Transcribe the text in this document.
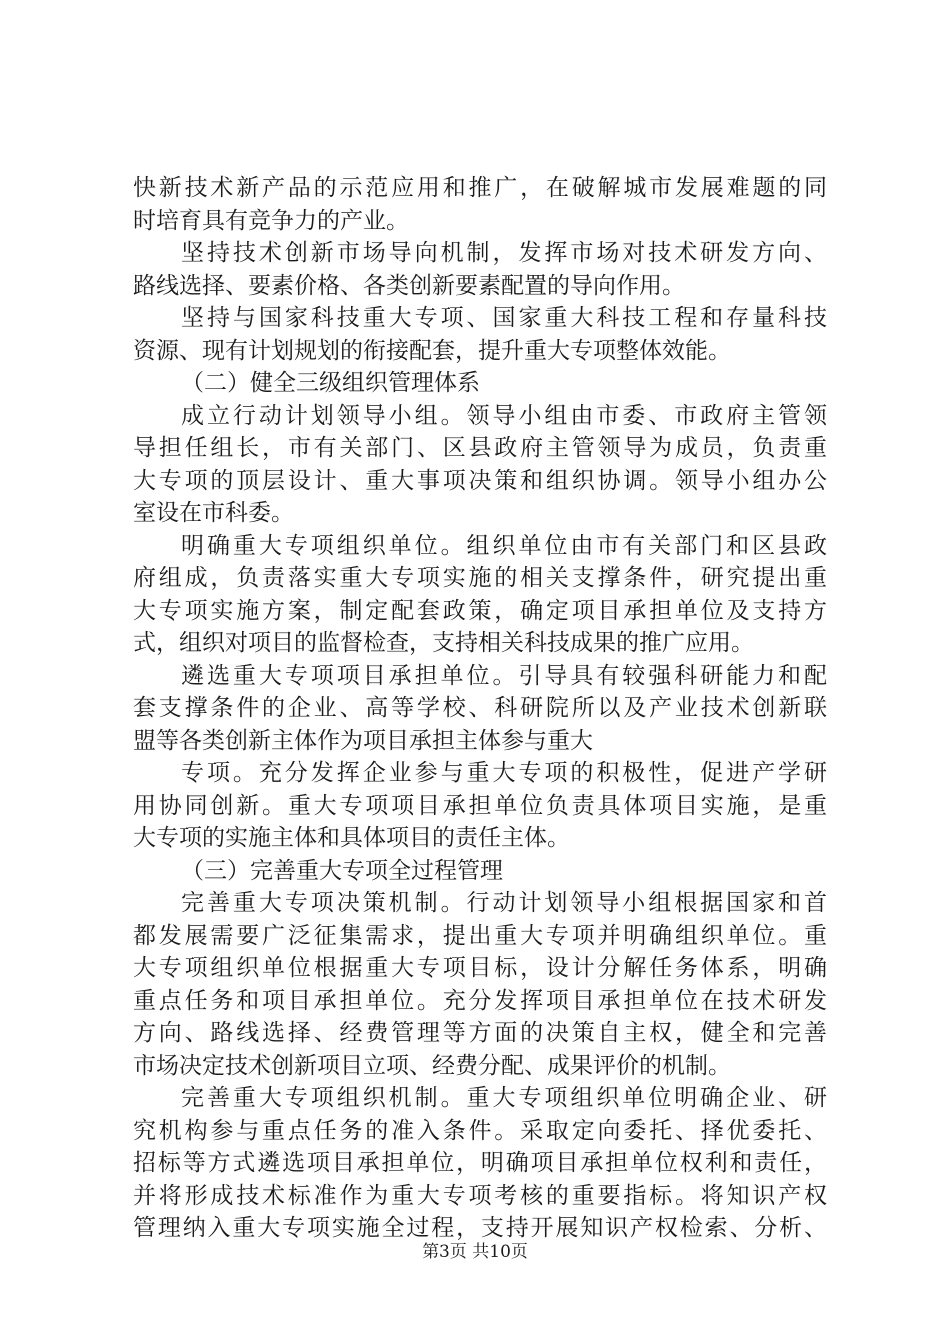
快新技术新产品的示范应用和推广，在破解城市发展难题的同
时培育具有竞争力的产业。
坚持技术创新市场导向机制，发挥市场对技术研发方向、
路线选择、要素价格、各类创新要素配置的导向作用。
坚持与国家科技重大专项、国家重大科技工程和存量科技
资源、现有计划规划的衔接配套，提升重大专项整体效能。
（二）健全三级组织管理体系
成立行动计划领导小组。领导小组由市委、市政府主管领
导担任组长，市有关部门、区县政府主管领导为成员，负责重
大专项的顶层设计、重大事项决策和组织协调。领导小组办公
室设在市科委。
明确重大专项组织单位。组织单位由市有关部门和区县政
府组成，负责落实重大专项实施的相关支撑条件，研究提出重
大专项实施方案，制定配套政策，确定项目承担单位及支持方
式，组织对项目的监督检查，支持相关科技成果的推广应用。
遴选重大专项项目承担单位。引导具有较强科研能力和配
套支撑条件的企业、高等学校、科研院所以及产业技术创新联
盟等各类创新主体作为项目承担主体参与重大
专项。充分发挥企业参与重大专项的积极性，促进产学研
用协同创新。重大专项项目承担单位负责具体项目实施，是重
大专项的实施主体和具体项目的责任主体。
（三）完善重大专项全过程管理
完善重大专项决策机制。行动计划领导小组根据国家和首
都发展需要广泛征集需求，提出重大专项并明确组织单位。重
大专项组织单位根据重大专项目标，设计分解任务体系，明确
重点任务和项目承担单位。充分发挥项目承担单位在技术研发
方向、路线选择、经费管理等方面的决策自主权，健全和完善
市场决定技术创新项目立项、经费分配、成果评价的机制。
完善重大专项组织机制。重大专项组织单位明确企业、研
究机构参与重点任务的准入条件。采取定向委托、择优委托、
招标等方式遴选项目承担单位，明确项目承担单位权利和责任，
并将形成技术标准作为重大专项考核的重要指标。将知识产权
管理纳入重大专项实施全过程，支持开展知识产权检索、分析、
第3页 共10页
